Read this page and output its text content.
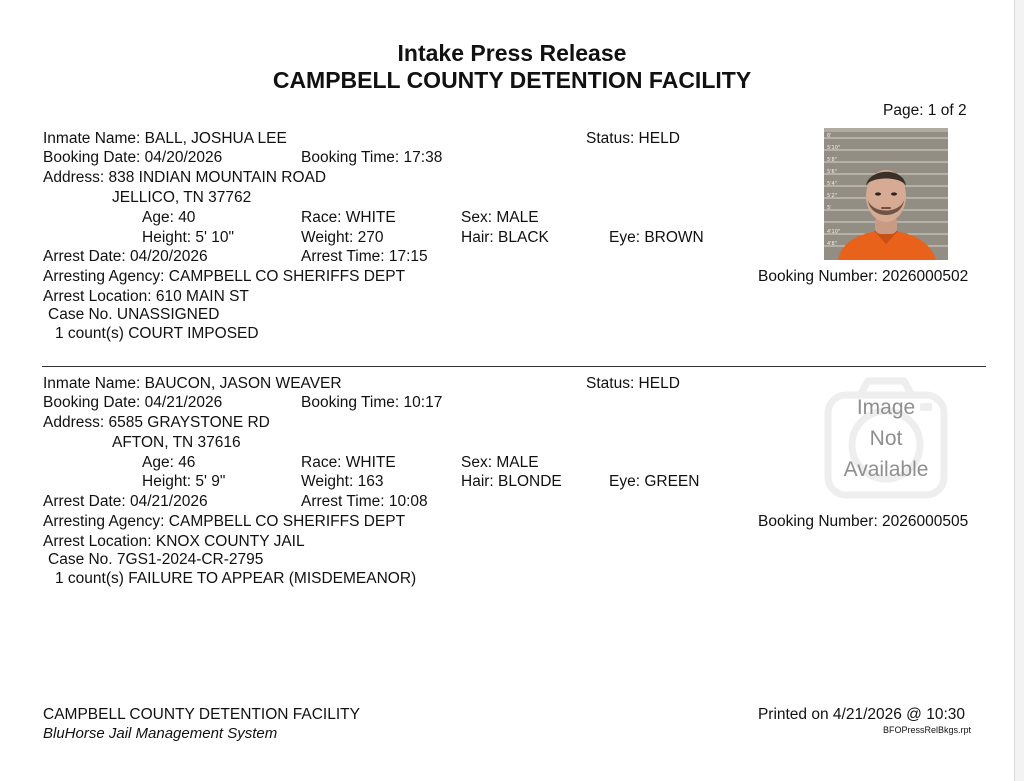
Intake Press Release
CAMPBELL COUNTY DETENTION FACILITY
Page: 1 of 2
Inmate Name: BALL, JOSHUA LEE	Status: HELD
Booking Date: 04/20/2026	Booking Time: 17:38
Address: 838 INDIAN MOUNTAIN ROAD
JELLICO, TN 37762
Age: 40	Race: WHITE	Sex: MALE
Height: 5' 10"	Weight: 270	Hair: BLACK	Eye: BROWN
Arrest Date: 04/20/2026	Arrest Time: 17:15
Arresting Agency: CAMPBELL CO SHERIFFS DEPT	Booking Number: 2026000502
Arrest Location: 610 MAIN ST
Case No. UNASSIGNED
1 count(s) COURT IMPOSED
6'
5'10"
5'8"
5'6"
5'4"
5'2"
5'
4'10"
4'8"
Inmate Name: BAUCON, JASON WEAVER	Status: HELD
Booking Date: 04/21/2026	Booking Time: 10:17
Address: 6585 GRAYSTONE RD
AFTON, TN 37616
Age: 46	Race: WHITE	Sex: MALE
Height: 5' 9"	Weight: 163	Hair: BLONDE	Eye: GREEN
Arrest Date: 04/21/2026	Arrest Time: 10:08
Arresting Agency: CAMPBELL CO SHERIFFS DEPT	Booking Number: 2026000505
Arrest Location: KNOX COUNTY JAIL
Case No. 7GS1-2024-CR-2795
1 count(s) FAILURE TO APPEAR (MISDEMEANOR)
Image
Not
Available
CAMPBELL COUNTY DETENTION FACILITY
BluHorse Jail Management System
Printed on 4/21/2026 @ 10:30
BFOPressRelBkgs.rpt
